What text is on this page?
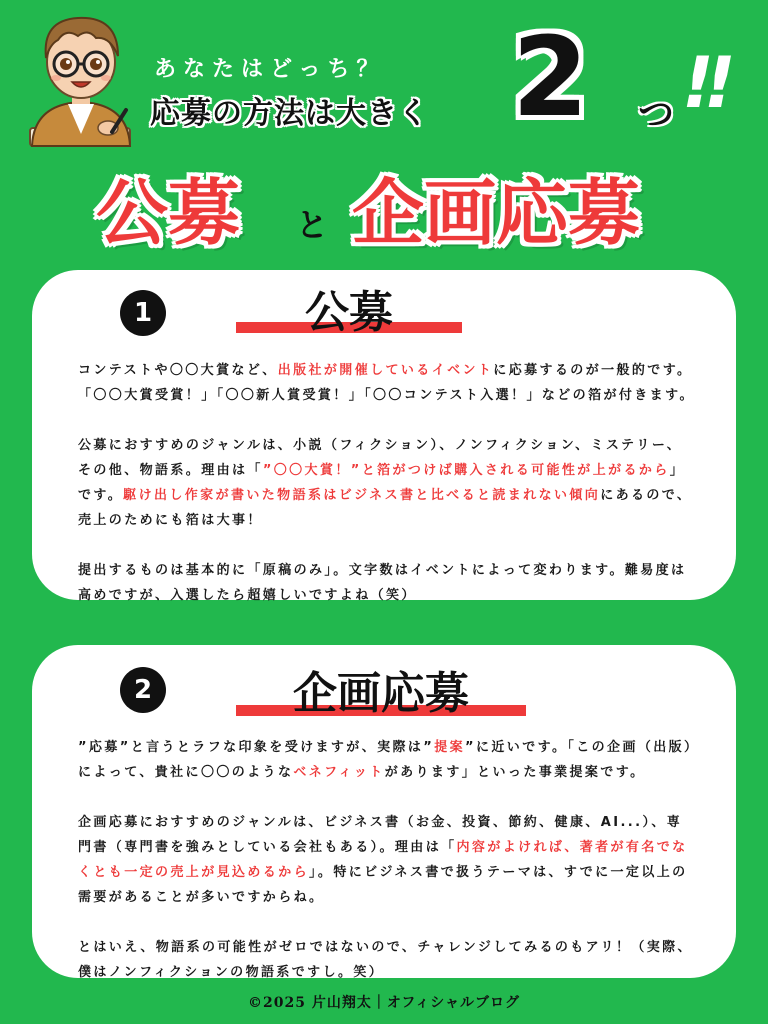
あなたはどっち？
応募の方法は大きく 2 つ !!
公募 と 企画応募
1	公募

コンテストや〇〇大賞など、出版社が開催しているイベントに応募するのが一般的です。「〇〇大賞受賞！」「〇〇新人賞受賞！」「〇〇コンテスト入選！」などの箔が付きます。

公募におすすめのジャンルは、小説（フィクション）、ノンフィクション、ミステリー、その他、物語系。理由は「”〇〇大賞！”と箔がつけば購入される可能性が上がるから」です。駆け出し作家が書いた物語系はビジネス書と比べると読まれない傾向にあるので、売上のためにも箔は大事！

提出するものは基本的に「原稿のみ」。文字数はイベントによって変わります。難易度は高めですが、入選したら超嬉しいですよね（笑）

2	企画応募

”応募”と言うとラフな印象を受けますが、実際は”提案”に近いです。「この企画（出版）によって、貴社に〇〇のようなベネフィットがあります」といった事業提案です。

企画応募におすすめのジャンルは、ビジネス書（お金、投資、節約、健康、AI...）、専門書（専門書を強みとしている会社もある）。理由は「内容がよければ、著者が有名でなくとも一定の売上が見込めるから」。特にビジネス書で扱うテーマは、すでに一定以上の需要があることが多いですからね。

とはいえ、物語系の可能性がゼロではないので、チャレンジしてみるのもアリ！（実際、僕はノンフィクションの物語系ですし。笑）

©2025 片山翔太｜オフィシャルブログ
